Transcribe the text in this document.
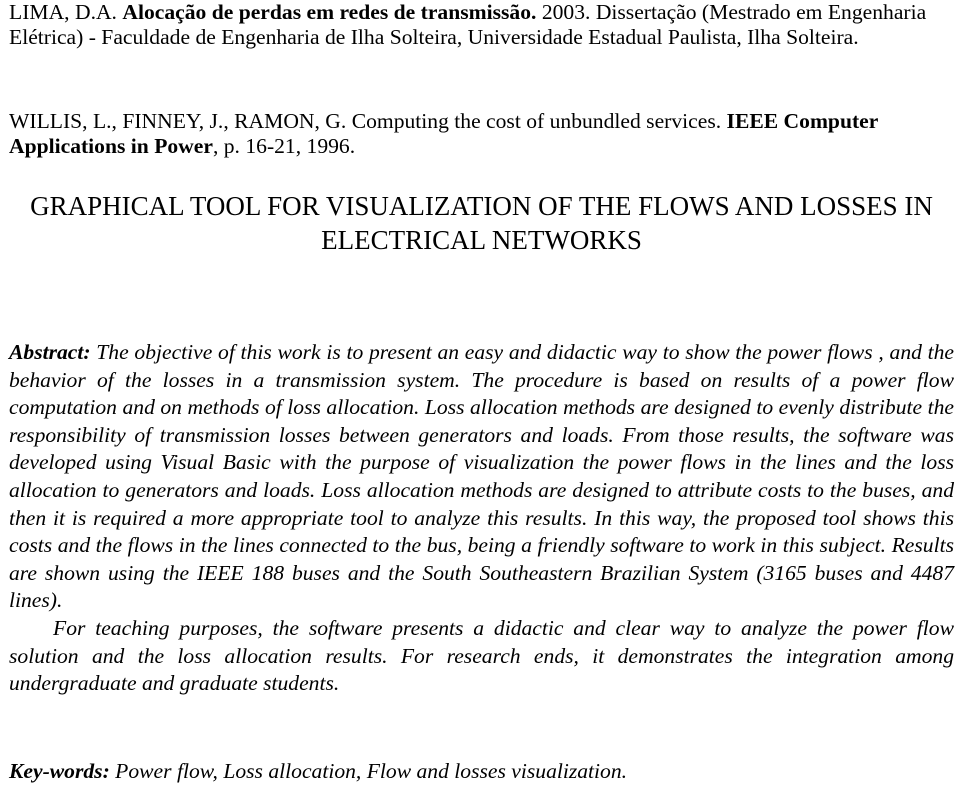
LIMA, D.A. Alocação de perdas em redes de transmissão. 2003. Dissertação (Mestrado em Engenharia Elétrica) - Faculdade de Engenharia de Ilha Solteira, Universidade Estadual Paulista, Ilha Solteira.

WILLIS, L., FINNEY, J., RAMON, G. Computing the cost of unbundled services. IEEE Computer Applications in Power, p. 16-21, 1996.

GRAPHICAL TOOL FOR VISUALIZATION OF THE FLOWS AND LOSSES IN ELECTRICAL NETWORKS

Abstract: The objective of this work is to present an easy and didactic way to show the power flows , and the behavior of the losses in a transmission system. The procedure is based on results of a power flow computation and on methods of loss allocation. Loss allocation methods are designed to evenly distribute the responsibility of transmission losses between generators and loads. From those results, the software was developed using Visual Basic with the purpose of visualization the power flows in the lines and the loss allocation to generators and loads. Loss allocation methods are designed to attribute costs to the buses, and then it is required a more appropriate tool to analyze this results. In this way, the proposed tool shows this costs and the flows in the lines connected to the bus, being a friendly software to work in this subject. Results are shown using the IEEE 188 buses and the South Southeastern Brazilian System (3165 buses and 4487 lines).

For teaching purposes, the software presents a didactic and clear way to analyze the power flow solution and the loss allocation results. For research ends, it demonstrates the integration among undergraduate and graduate students.

Key-words: Power flow, Loss allocation, Flow and losses visualization.
